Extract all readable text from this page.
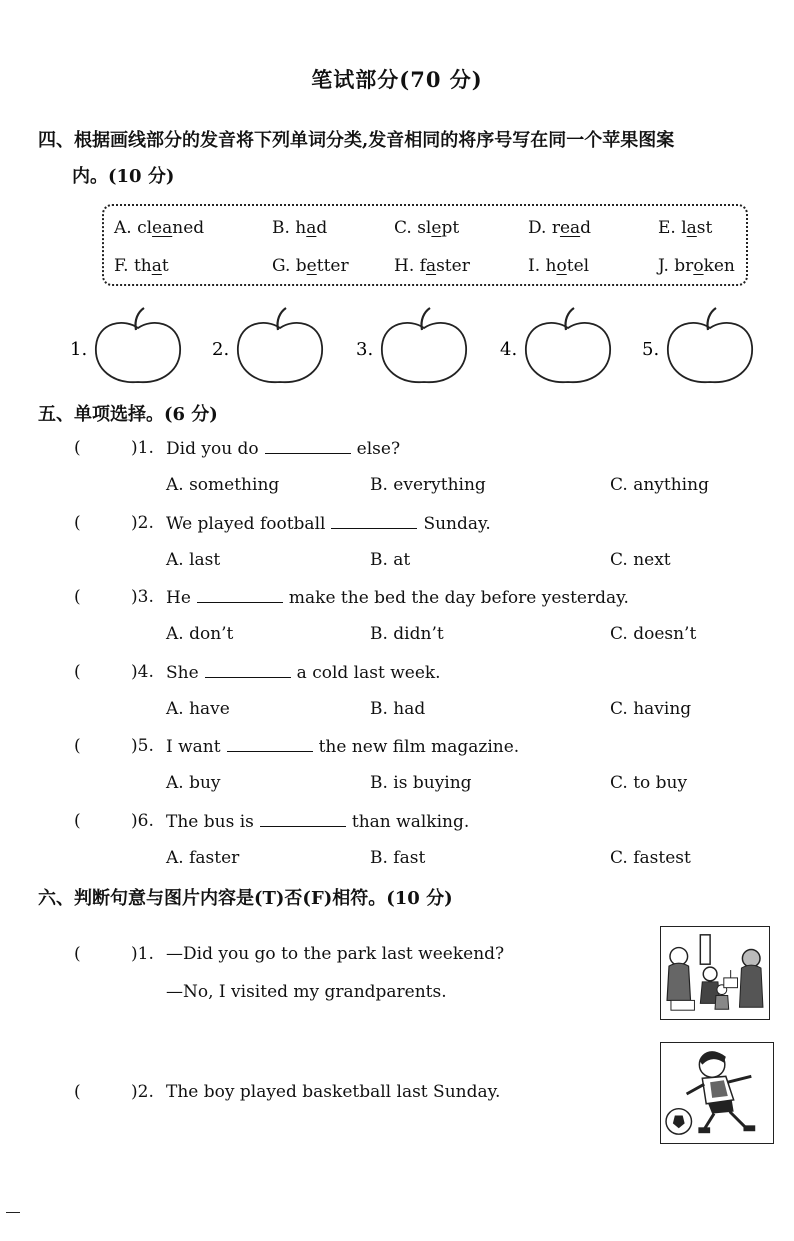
笔试部分(70 分)
四、根据画线部分的发音将下列单词分类,发音相同的将序号写在同一个苹果图案
内。(10 分)
A. cleaned	B. had	C. slept	D. read	E. last
F. that	G. better	H. faster	I. hotel	J. broken
1.	2.	3.	4.	5.
五、单项选择。(6 分)
(	)1. Did you do	else?
A. something	B. everything	C. anything
(	)2. We played football	Sunday.
A. last	B. at	C. next
(	)3. He	make the bed the day before yesterday.
A. don’t	B. didn’t	C. doesn’t
(	)4. She	a cold last week.
A. have	B. had	C. having
(	)5. I want	the new film magazine.
A. buy	B. is buying	C. to buy
(	)6. The bus is	than walking.
A. faster	B. fast	C. fastest
六、判断句意与图片内容是(T)否(F)相符。(10 分)
(	)1. —Did you go to the park last weekend?
—No, I visited my grandparents.
(	)2. The boy played basketball last Sunday.
